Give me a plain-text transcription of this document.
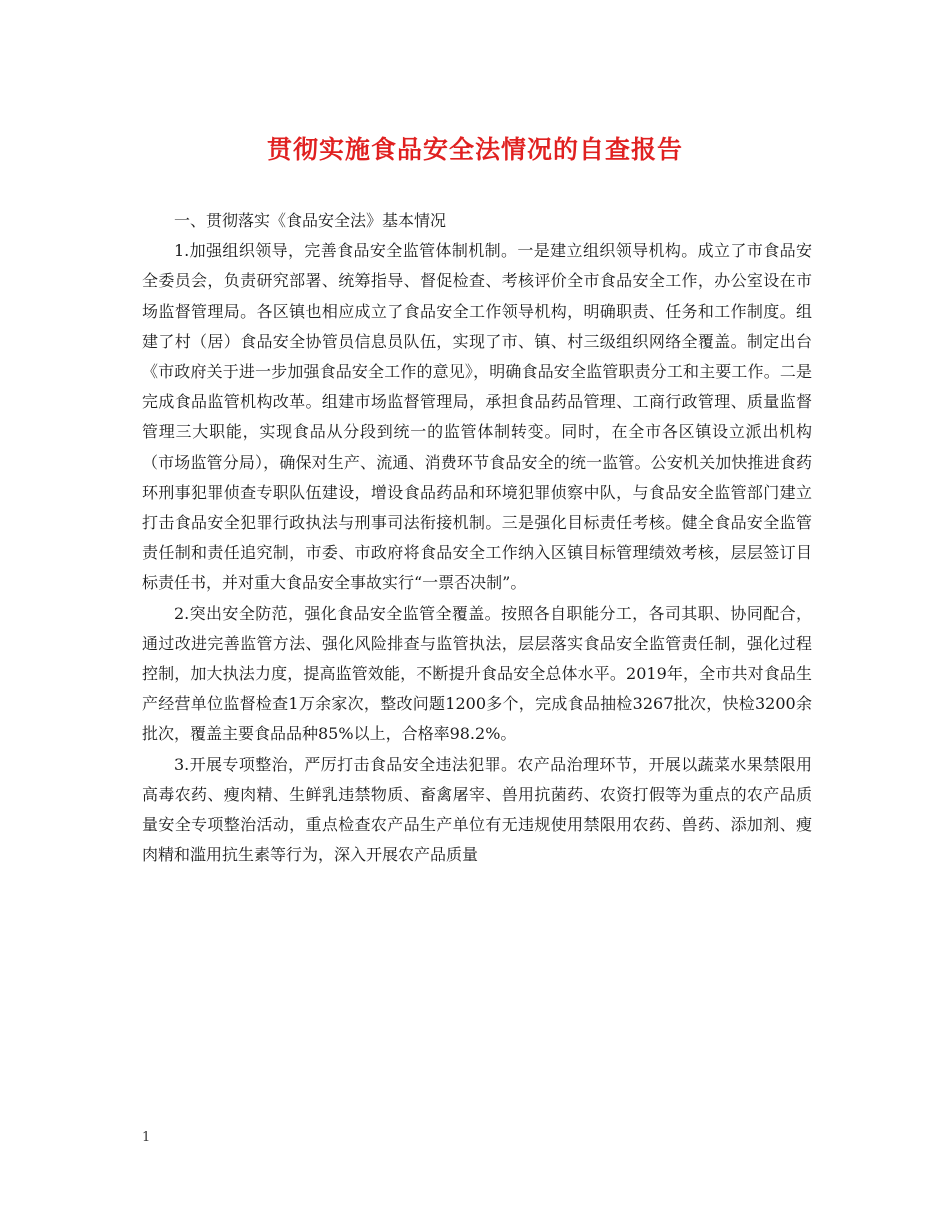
贯彻实施食品安全法情况的自查报告

一、贯彻落实《食品安全法》基本情况

1.加强组织领导，完善食品安全监管体制机制。一是建立组织领导机构。成立了市食品安全委员会，负责研究部署、统筹指导、督促检查、考核评价全市食品安全工作，办公室设在市场监督管理局。各区镇也相应成立了食品安全工作领导机构，明确职责、任务和工作制度。组建了村（居）食品安全协管员信息员队伍，实现了市、镇、村三级组织网络全覆盖。制定出台《市政府关于进一步加强食品安全工作的意见》，明确食品安全监管职责分工和主要工作。二是完成食品监管机构改革。组建市场监督管理局，承担食品药品管理、工商行政管理、质量监督管理三大职能，实现食品从分段到统一的监管体制转变。同时，在全市各区镇设立派出机构（市场监管分局），确保对生产、流通、消费环节食品安全的统一监管。公安机关加快推进食药环刑事犯罪侦查专职队伍建设，增设食品药品和环境犯罪侦察中队，与食品安全监管部门建立打击食品安全犯罪行政执法与刑事司法衔接机制。三是强化目标责任考核。健全食品安全监管责任制和责任追究制，市委、市政府将食品安全工作纳入区镇目标管理绩效考核，层层签订目标责任书，并对重大食品安全事故实行“一票否决制”。

2.突出安全防范，强化食品安全监管全覆盖。按照各自职能分工，各司其职、协同配合，通过改进完善监管方法、强化风险排查与监管执法，层层落实食品安全监管责任制，强化过程控制，加大执法力度，提高监管效能，不断提升食品安全总体水平。2019年，全市共对食品生产经营单位监督检查1万余家次，整改问题1200多个，完成食品抽检3267批次，快检3200余批次，覆盖主要食品品种85%以上，合格率98.2%。

3.开展专项整治，严厉打击食品安全违法犯罪。农产品治理环节，开展以蔬菜水果禁限用高毒农药、瘦肉精、生鲜乳违禁物质、畜禽屠宰、兽用抗菌药、农资打假等为重点的农产品质量安全专项整治活动，重点检查农产品生产单位有无违规使用禁限用农药、兽药、添加剂、瘦肉精和滥用抗生素等行为，深入开展农产品质量

1
